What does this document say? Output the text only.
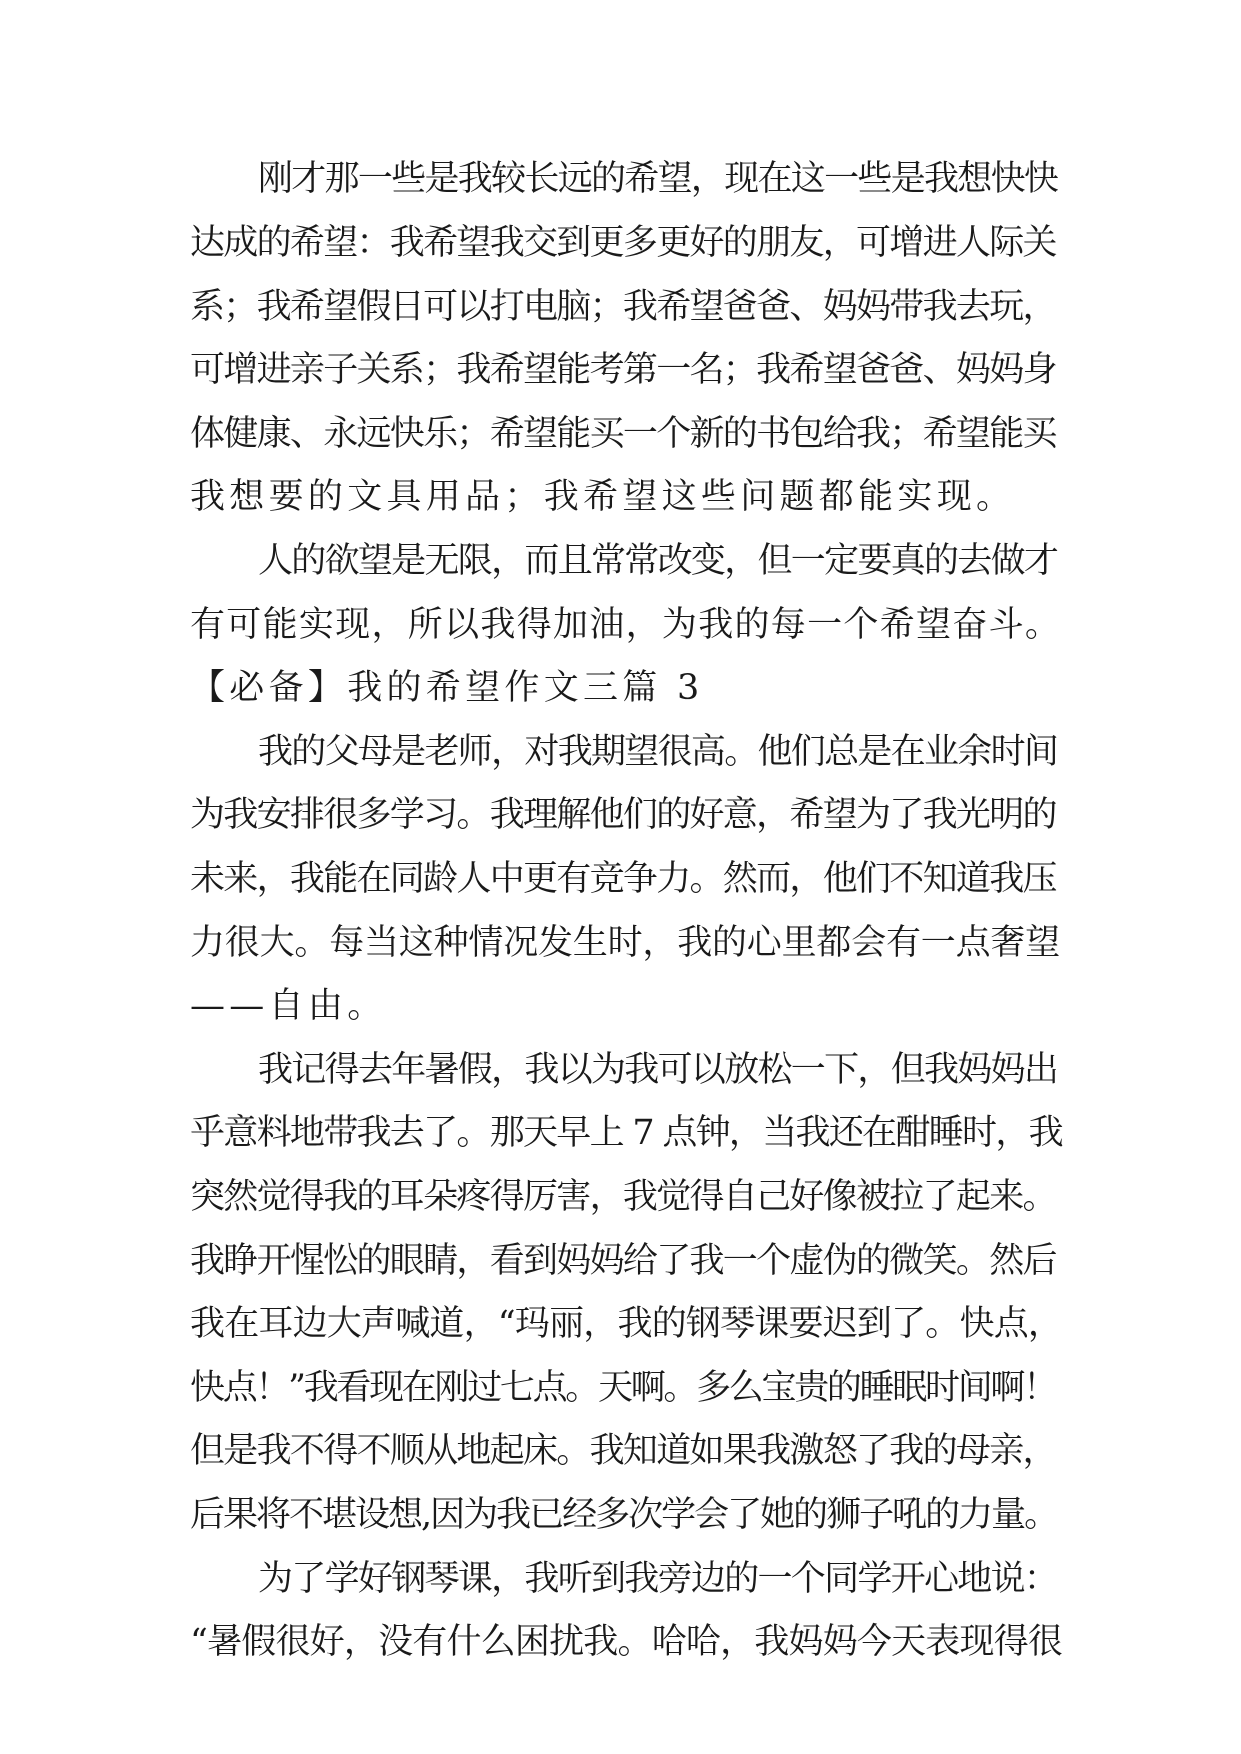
刚才那一些是我较长远的希望，现在这一些是我想快快
达成的希望：我希望我交到更多更好的朋友，可增进人际关
系；我希望假日可以打电脑；我希望爸爸、妈妈带我去玩，
可增进亲子关系；我希望能考第一名；我希望爸爸、妈妈身
体健康、永远快乐；希望能买一个新的书包给我；希望能买
我想要的文具用品；我希望这些问题都能实现。
人的欲望是无限，而且常常改变，但一定要真的去做才
有可能实现，所以我得加油，为我的每一个希望奋斗。
【必备】我的希望作文三篇 3
我的父母是老师，对我期望很高。他们总是在业余时间
为我安排很多学习。我理解他们的好意，希望为了我光明的
未来，我能在同龄人中更有竞争力。然而，他们不知道我压
力很大。每当这种情况发生时，我的心里都会有一点奢望
——自由。
我记得去年暑假，我以为我可以放松一下，但我妈妈出
乎意料地带我去了。那天早上 7 点钟，当我还在酣睡时，我
突然觉得我的耳朵疼得厉害，我觉得自己好像被拉了起来。
我睁开惺忪的眼睛，看到妈妈给了我一个虚伪的微笑。然后
我在耳边大声喊道，“玛丽，我的钢琴课要迟到了。快点，
快点！”我看现在刚过七点。天啊。多么宝贵的睡眠时间啊！
但是我不得不顺从地起床。我知道如果我激怒了我的母亲，
后果将不堪设想,因为我已经多次学会了她的狮子吼的力量。
为了学好钢琴课，我听到我旁边的一个同学开心地说：
“暑假很好，没有什么困扰我。哈哈，我妈妈今天表现得很
